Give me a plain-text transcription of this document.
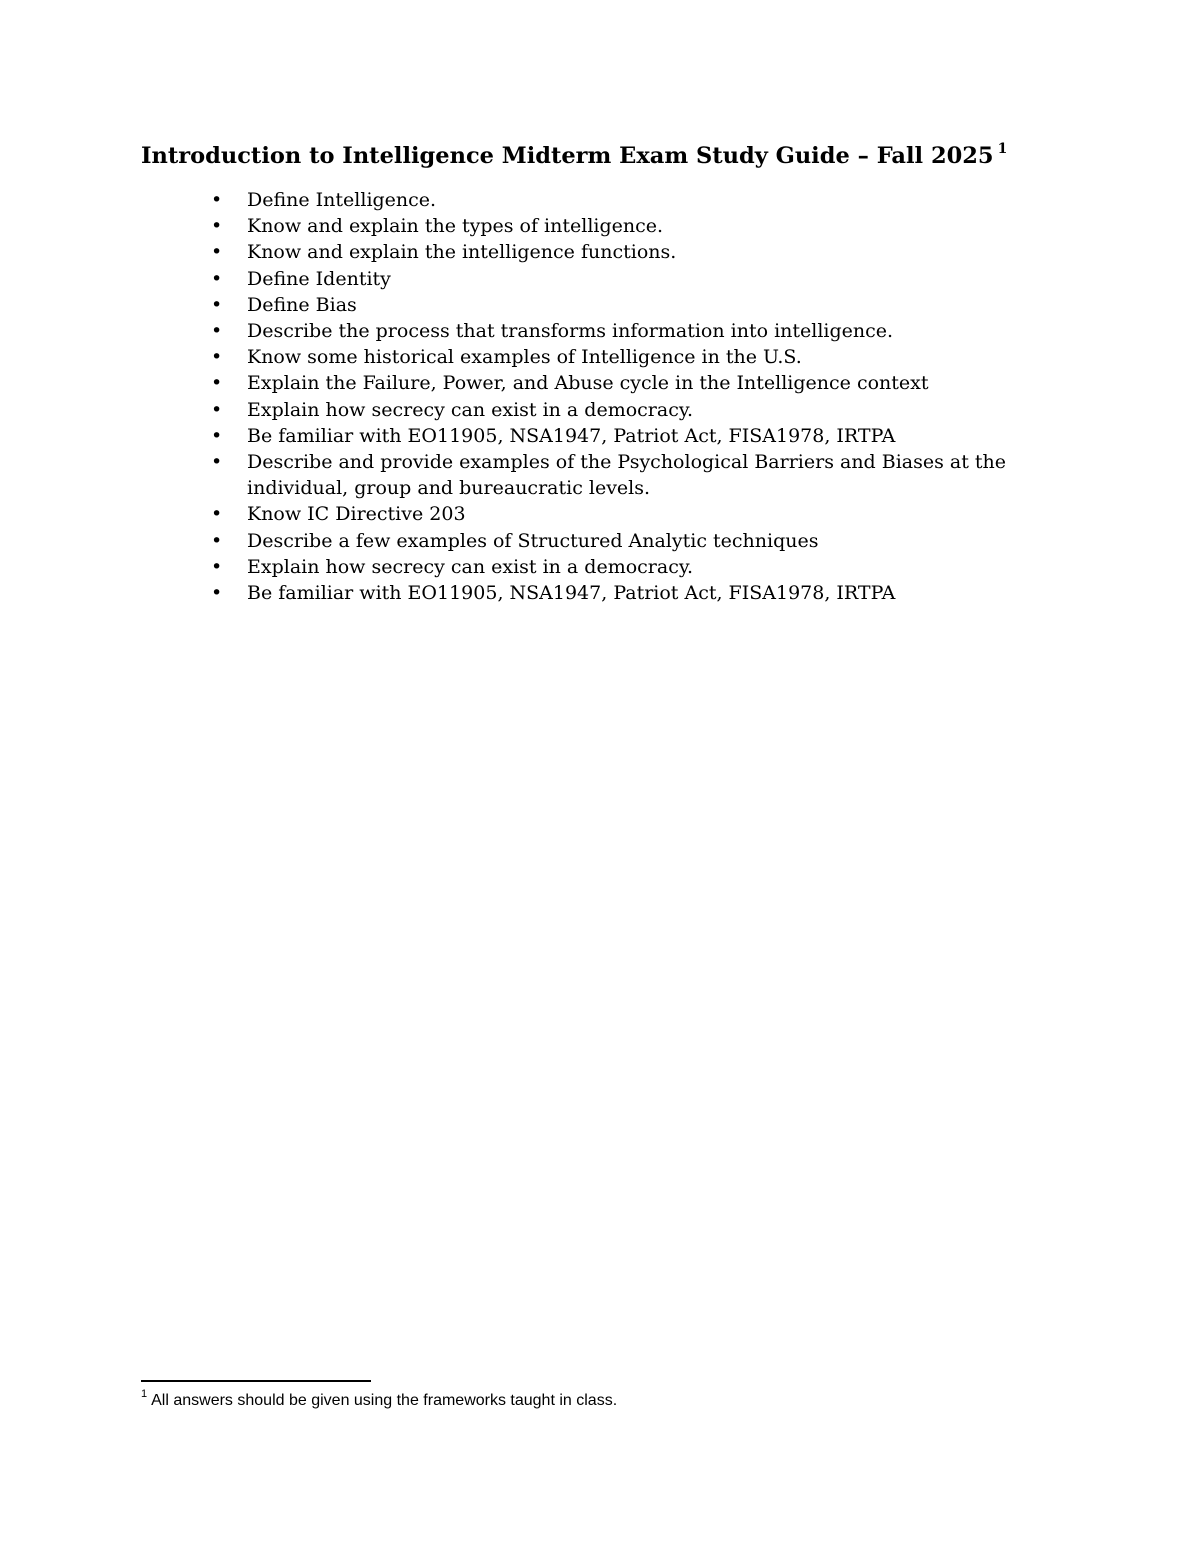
Introduction to Intelligence Midterm Exam Study Guide – Fall 2025 $^1$
• Define Intelligence.
• Know and explain the types of intelligence.
• Know and explain the intelligence functions.
• Define Identity
• Define Bias
• Describe the process that transforms information into intelligence.
• Know some historical examples of Intelligence in the U.S.
• Explain the Failure, Power, and Abuse cycle in the Intelligence context
• Explain how secrecy can exist in a democracy.
• Be familiar with EO11905, NSA1947, Patriot Act, FISA1978, IRTPA
• Describe and provide examples of the Psychological Barriers and Biases at the individual, group and bureaucratic levels.
• Know IC Directive 203
• Describe a few examples of Structured Analytic techniques
• Explain how secrecy can exist in a democracy.
• Be familiar with EO11905, NSA1947, Patriot Act, FISA1978, IRTPA

$^1$ All answers should be given using the frameworks taught in class.
